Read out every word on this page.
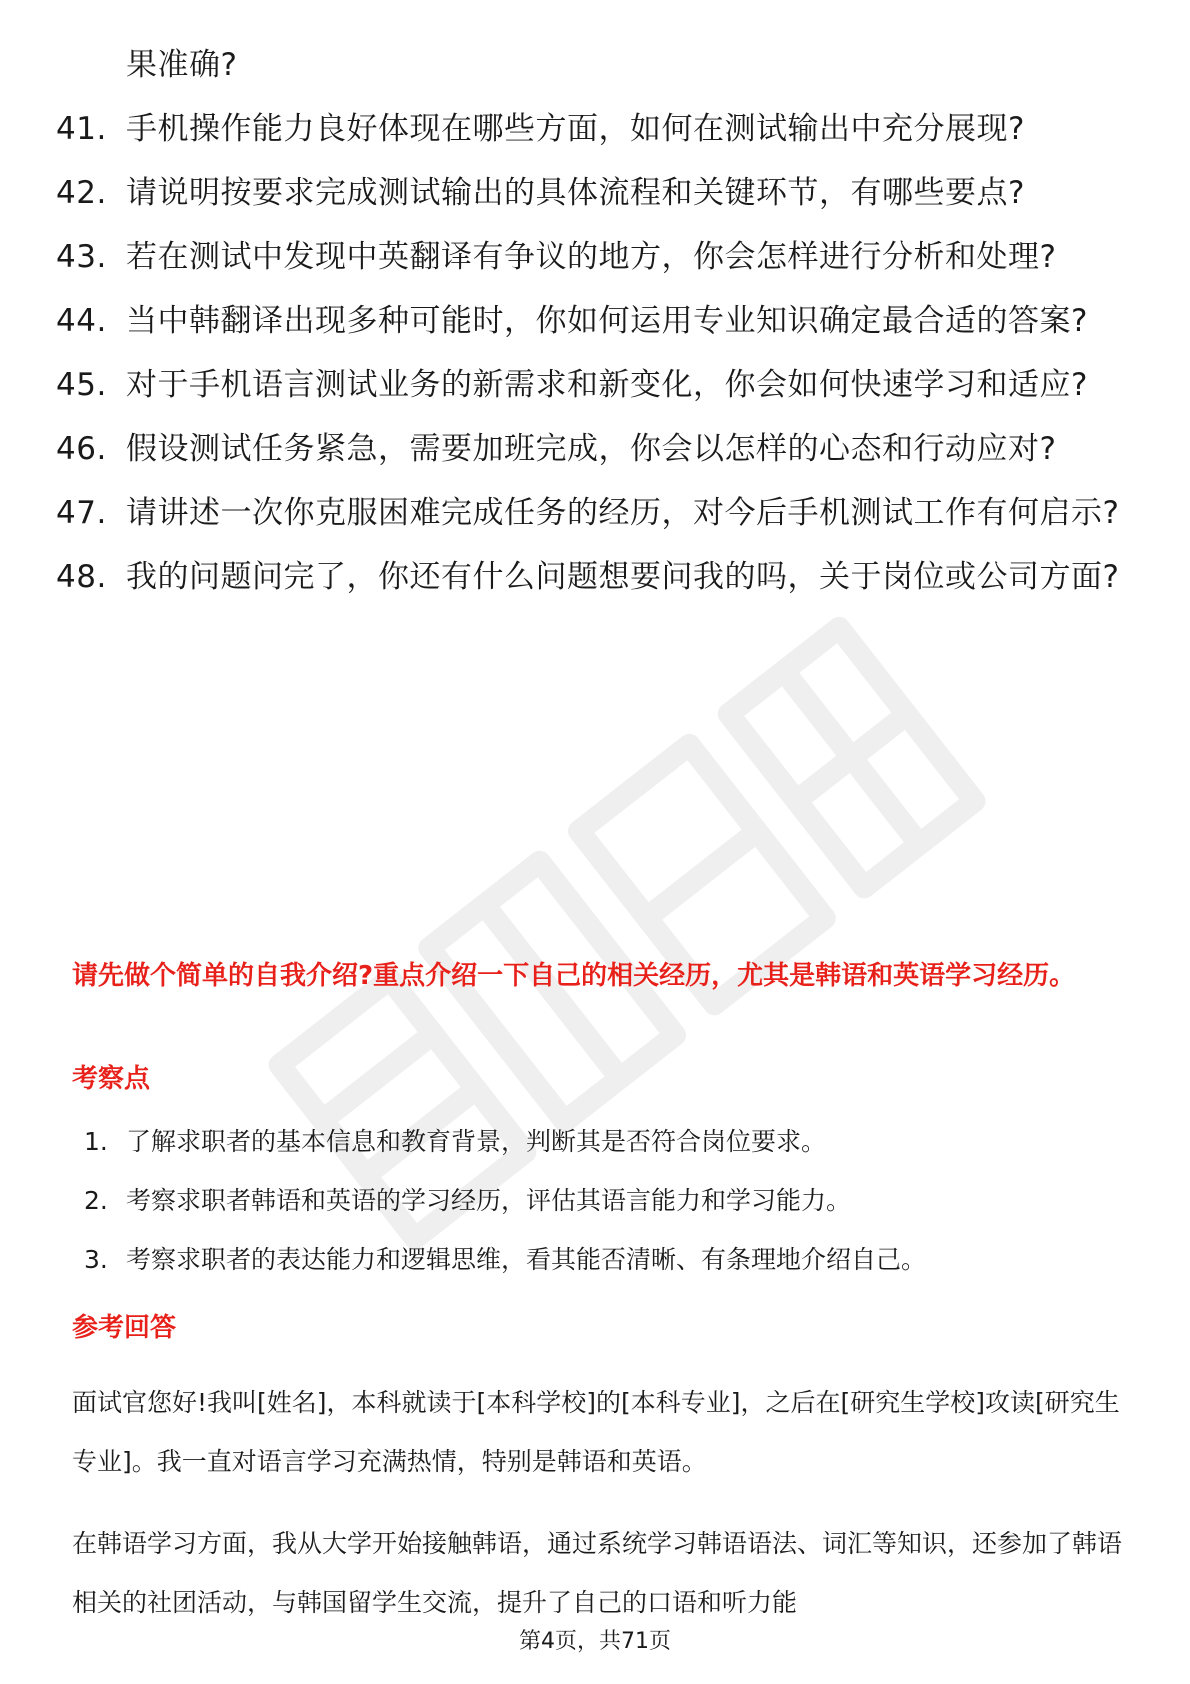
果准确?
41. 手机操作能力良好体现在哪些方面，如何在测试输出中充分展现?
42. 请说明按要求完成测试输出的具体流程和关键环节，有哪些要点?
43. 若在测试中发现中英翻译有争议的地方，你会怎样进行分析和处理?
44. 当中韩翻译出现多种可能时，你如何运用专业知识确定最合适的答案?
45. 对于手机语言测试业务的新需求和新变化，你会如何快速学习和适应?
46. 假设测试任务紧急，需要加班完成，你会以怎样的心态和行动应对?
47. 请讲述一次你克服困难完成任务的经历，对今后手机测试工作有何启示?
48. 我的问题问完了，你还有什么问题想要问我的吗，关于岗位或公司方面?
请先做个简单的自我介绍?重点介绍一下自己的相关经历，尤其是韩语和英语学习经历。
考察点
1. 了解求职者的基本信息和教育背景，判断其是否符合岗位要求。
2. 考察求职者韩语和英语的学习经历，评估其语言能力和学习能力。
3. 考察求职者的表达能力和逻辑思维，看其能否清晰、有条理地介绍自己。
参考回答
面试官您好!我叫[姓名]，本科就读于[本科学校]的[本科专业]，之后在[研究生学校]攻读[研究生专业]。我一直对语言学习充满热情，特别是韩语和英语。
在韩语学习方面，我从大学开始接触韩语，通过系统学习韩语语法、词汇等知识，还参加了韩语相关的社团活动，与韩国留学生交流，提升了自己的口语和听力能
第4页，共71页
